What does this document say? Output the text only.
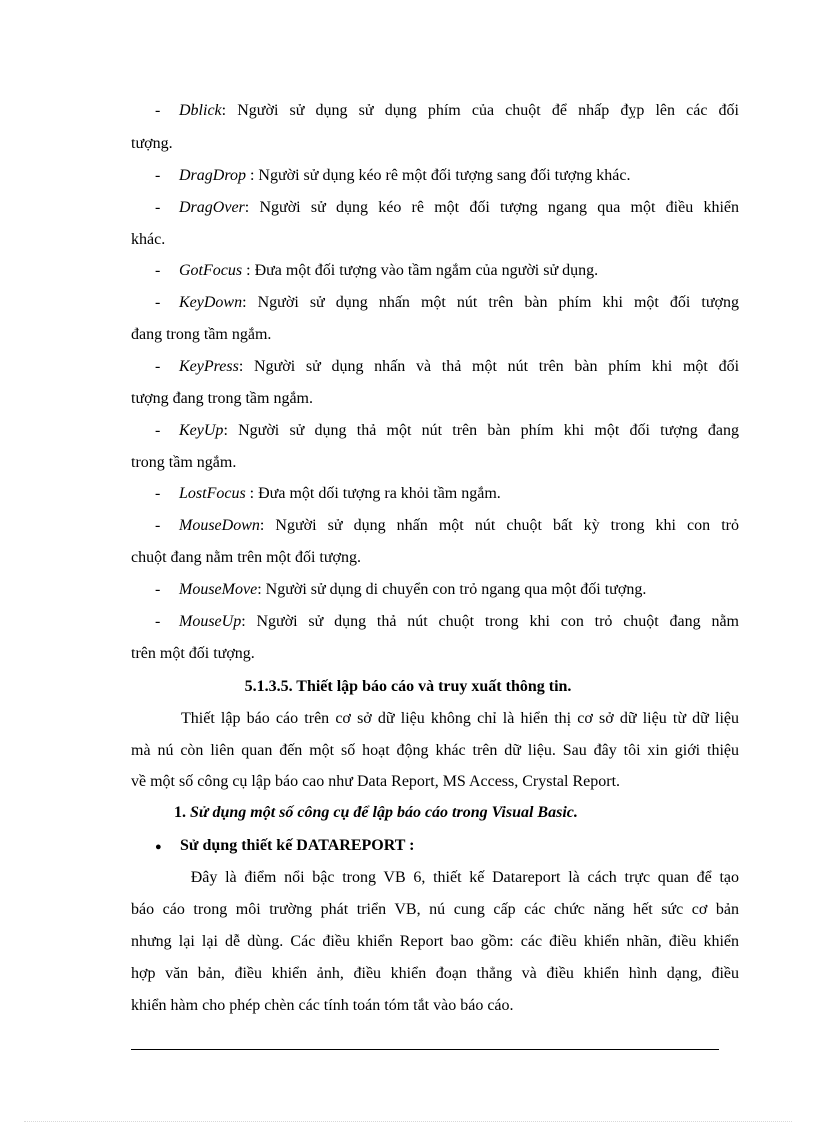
- Dblick: Người sử dụng sử dụng phím của chuột để nhấp đỵp lên các đối
tượng.
- DragDrop : Người sử dụng kéo rê một đối tượng sang đối tượng khác.
- DragOver: Người sử dụng kéo rê một đối tượng ngang qua một điều khiển
khác.
- GotFocus : Đưa một đối tượng vào tầm ngắm của người sử dụng.
- KeyDown: Người sử dụng nhấn một nút trên bàn phím khi một đối tượng
đang trong tầm ngắm.
- KeyPress: Người sử dụng nhấn và thả một nút trên bàn phím khi một đối
tượng đang trong tầm ngắm.
- KeyUp: Người sử dụng thả một nút trên bàn phím khi một đối tượng đang
trong tầm ngắm.
- LostFocus : Đưa một dối tượng ra khỏi tầm ngắm.
- MouseDown: Người sử dụng nhấn một nút chuột bất kỳ trong khi con trỏ
chuột đang nằm trên một đối tượng.
- MouseMove: Người sử dụng di chuyển con trỏ ngang qua một đối tượng.
- MouseUp: Người sử dụng thả nút chuột trong khi con trỏ chuột đang nằm
trên một đối tượng.
5.1.3.5. Thiết lập báo cáo và truy xuất thông tin.
Thiết lập báo cáo trên cơ sở dữ liệu không chỉ là hiển thị cơ sở dữ liệu từ dữ liệu
mà nú còn liên quan đến một số hoạt động khác trên dữ liệu. Sau đây tôi xin giới thiệu
về một số công cụ lập báo cao như Data Report, MS Access, Crystal Report.
1. Sử dụng một số công cụ để lập báo cáo trong Visual Basic.
● Sử dụng thiết kế DATAREPORT :
Đây là điểm nổi bậc trong VB 6, thiết kế Datareport là cách trực quan để tạo
báo cáo trong môi trường phát triển VB, nú cung cấp các chức năng hết sức cơ bản
nhưng lại lại dễ dùng. Các điều khiển Report bao gồm: các điều khiển nhãn, điều khiển
hợp văn bản, điều khiển ảnh, điều khiển đoạn thẳng và điều khiển hình dạng, điều
khiển hàm cho phép chèn các tính toán tóm tắt vào báo cáo.
